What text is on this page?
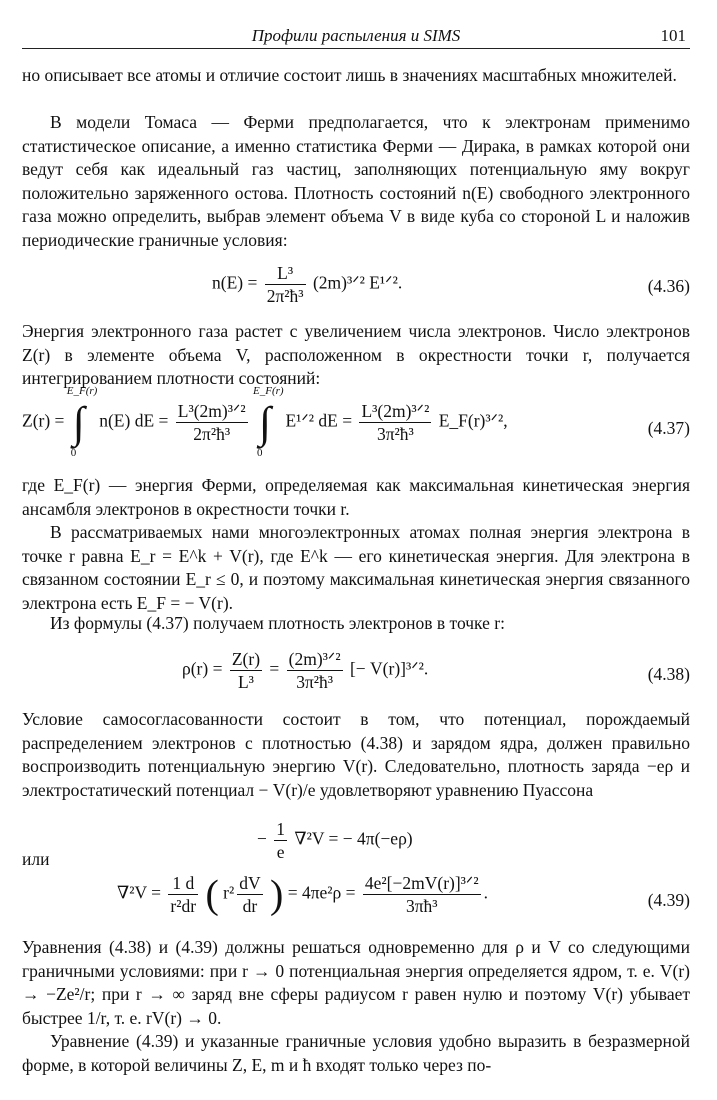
Профили распыления и SIMS	101

но описывает все атомы и отличие состоит лишь в значениях масштабных множителей.

В модели Томаса — Ферми предполагается, что к электронам применимо статистическое описание, а именно статистика Ферми — Дирака, в рамках которой они ведут себя как идеальный газ частиц, заполняющих потенциальную яму вокруг положительно заряженного остова. Плотность состояний n(E) свободного электронного газа можно определить, выбрав элемент объема V в виде куба со стороной L и наложив периодические граничные условия:

$n(E) = \frac{\text{L³}}{\text{2π²ħ³}}$ (2m)³ᐟ² E¹ᐟ².	(4.36)

Энергия электронного газа растет с увеличением числа электронов. Число электронов Z(r) в элементе объема V, расположенном в окрестности точки r, получается интегрированием плотности состояний:

Z(r) = ∫
E_F(r)
0
n(E) dE = $\frac{\text{L³(2m)³ᐟ²}}{\text{2π²ħ³}}$ ∫
E_F(r)
0
E¹ᐟ² dE = $\frac{\text{L³(2m)³ᐟ²}}{\text{3π²ħ³}}$ E_F(r)³ᐟ²,	(4.37)

где E_F(r) — энергия Ферми, определяемая как максимальная кинетическая энергия ансамбля электронов в окрестности точки r.

В рассматриваемых нами многоэлектронных атомах полная энергия электрона в точке r равна E_r = E^k + V(r), где E^k — его кинетическая энергия. Для электрона в связанном состоянии E_r ≤ 0, и поэтому максимальная кинетическая энергия связанного электрона есть E_F = − V(r).

Из формулы (4.37) получаем плотность электронов в точке r:

$\rho(r) = \frac{Z(r)}{\text{L³}} = \frac{\text{(2m)³ᐟ²}}{\text{3π²ħ³}}$ [− V(r)]³ᐟ².	(4.38)

Условие самосогласованности состоит в том, что потенциал, порождаемый распределением электронов с плотностью (4.38) и зарядом ядра, должен правильно воспроизводить потенциальную энергию V(r). Следовательно, плотность заряда −eρ и электростатический потенциал − V(r)/e удовлетворяют уравнению Пуассона

− $\frac{1}{e} \nabla^2V$ = − 4π(−eρ)
или
$\nabla^2V = \frac{1 d}{\text{r²dr}}$ ( $r^2 \frac{dV}{dr}$ ) = $4\pi e^2\rho = \frac{\text{4e²[−2mV(r)]³ᐟ²}}{\text{3πħ³}}$ .	(4.39)

Уравнения (4.38) и (4.39) должны решаться одновременно для ρ и V со следующими граничными условиями: при r → 0 потенциальная энергия определяется ядром, т. е. V(r) → −Ze²/r; при r → ∞ заряд вне сферы радиусом r равен нулю и поэтому V(r) убывает быстрее 1/r, т. е. rV(r) → 0.

Уравнение (4.39) и указанные граничные условия удобно выразить в безразмерной форме, в которой величины Z, E, m и ħ входят только через по-
